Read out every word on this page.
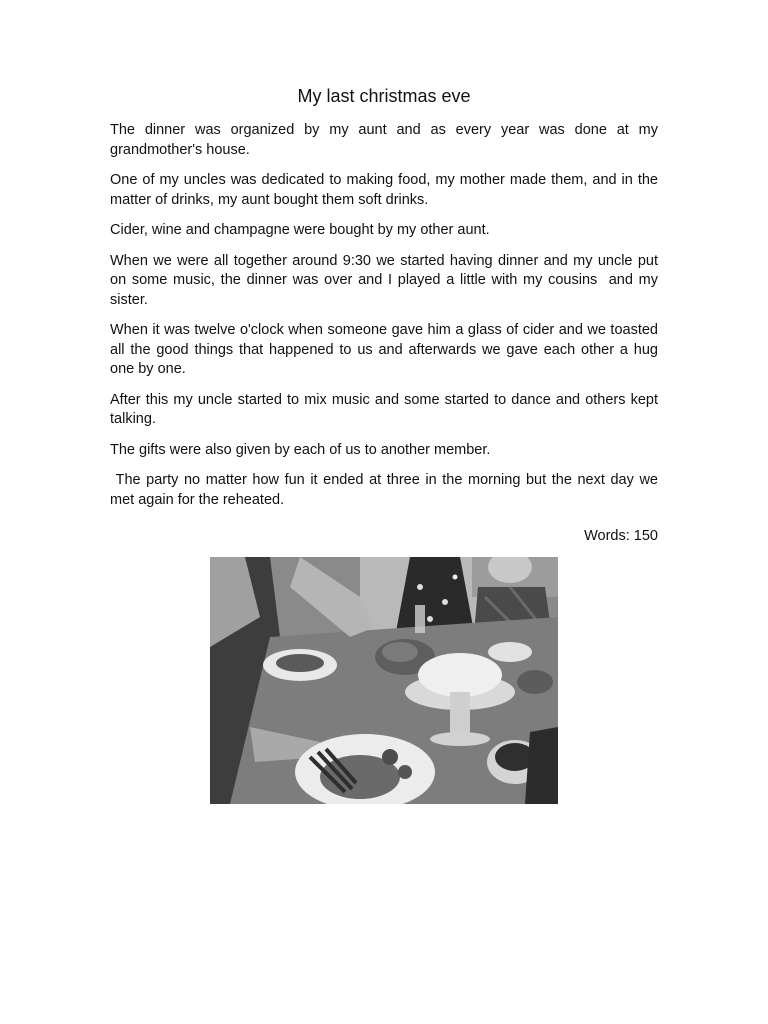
My last christmas eve

The dinner was organized by my aunt and as every year was done at my grandmother's house.

One of my uncles was dedicated to making food, my mother made them, and in the matter of drinks, my aunt bought them soft drinks.

Cider, wine and champagne were bought by my other aunt.

When we were all together around 9:30 we started having dinner and my uncle put on some music, the dinner was over and I played a little with my cousins  and my sister.

When it was twelve o'clock when someone gave him a glass of cider and we toasted all the good things that happened to us and afterwards we gave each other a hug one by one.

After this my uncle started to mix music and some started to dance and others kept talking.

The gifts were also given by each of us to another member.

The party no matter how fun it ended at three in the morning but the next day we met again for the reheated.

Words: 150
